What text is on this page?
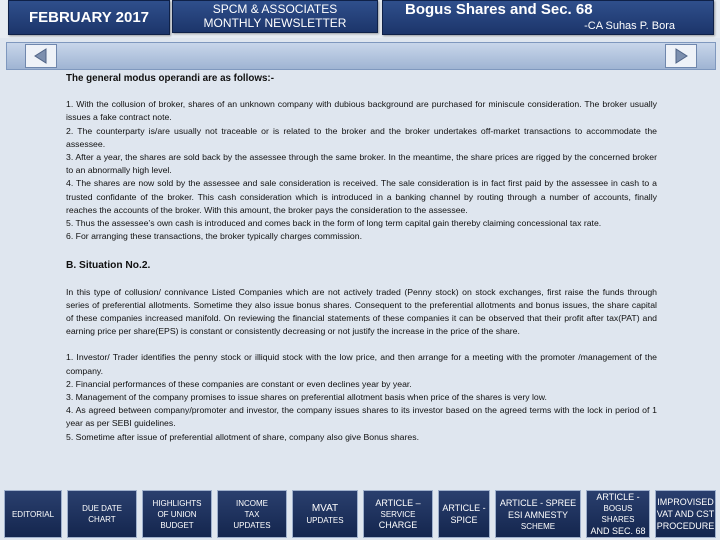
FEBRUARY 2017	SPCM & ASSOCIATES
MONTHLY NEWSLETTER
Bogus Shares and Sec. 68
-CA Suhas P. Bora

The general modus operandi are as follows:-

1. With the collusion of broker, shares of an unknown company with dubious background are purchased for miniscule consideration. The broker usually issues a fake contract note.

2. The counterparty is/are usually not traceable or is related to the broker and the broker undertakes off-market transactions to accommodate the assessee.

3. After a year, the shares are sold back by the assessee through the same broker. In the meantime, the share prices are rigged by the concerned broker to an abnormally high level.

4. The shares are now sold by the assessee and sale consideration is received. The sale consideration is in fact first paid by the assessee in cash to a trusted confidante of the broker. This cash consideration which is introduced in a banking channel by routing through a number of accounts, finally reaches the accounts of the broker. With this amount, the broker pays the consideration to the assessee.

5. Thus the assessee’s own cash is introduced and comes back in the form of long term capital gain thereby claiming concessional tax rate.

6. For arranging these transactions, the broker typically charges commission.

B. Situation No.2.

In this type of collusion/ connivance Listed Companies which are not actively traded (Penny stock) on stock exchanges, first raise the funds through series of preferential allotments. Sometime they also issue bonus shares. Consequent to the preferential allotments and bonus issues, the share capital of these companies increased manifold. On reviewing the financial statements of these companies it can be observed that their profit after tax(PAT) and earning price per share(EPS) is constant or consistently decreasing or not justify the increase in the price of the share.

1. Investor/ Trader identifies the penny stock or illiquid stock with the low price, and then arrange for a meeting with the promoter /management of the company.

2. Financial performances of these companies are constant or even declines year by year.

3. Management of the company promises to issue shares on preferential allotment basis when price of the shares is very low.

4. As agreed between company/promoter and investor, the company issues shares to its investor based on the agreed terms with the lock in period of 1 year as per SEBI guidelines.

5. Sometime after issue of preferential allotment of share, company also give Bonus shares.

EDITORIAL
DUE DATE
CHART
HIGHLIGHTS
OF UNION
BUDGET
INCOME
TAX
UPDATES
MVAT
UPDATES
ARTICLE –
SERVICE
CHARGE
ARTICLE -
SPICE
ARTICLE - SPREE
ESI AMNESTY
SCHEME
ARTICLE -
BOGUS SHARES
AND SEC. 68
IMPROVISED
VAT AND CST
PROCEDURE
